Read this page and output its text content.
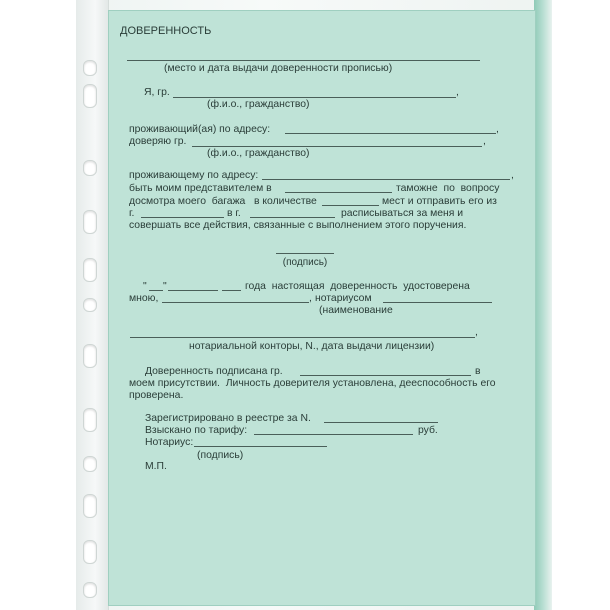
ДОВЕРЕННОСТЬ
(место и дата выдачи доверенности прописью)
Я, гр.	,
(ф.и.о., гражданство)
проживающий(ая) по адресу:	,
доверяю гр.	,
(ф.и.о., гражданство)
проживающему по адресу:	,
быть моим представителем в	таможне  по  вопросу
досмотра моего  багажа   в количестве	мест и отправить его из
г.	в г.	расписываться за меня и
совершать все действия, связанные с выполнением этого поручения.
(подпись)
" "	года  настоящая  доверенность  удостоверена
мною,	, нотариусом
(наименование
,
нотариальной конторы, N., дата выдачи лицензии)
Доверенность подписана гр.	в
моем присутствии.  Личность доверителя установлена, дееспособность его
проверена.
Зарегистрировано в реестре за N.
Взыскано по тарифу:	руб.
Нотариус:
(подпись)
М.П.
